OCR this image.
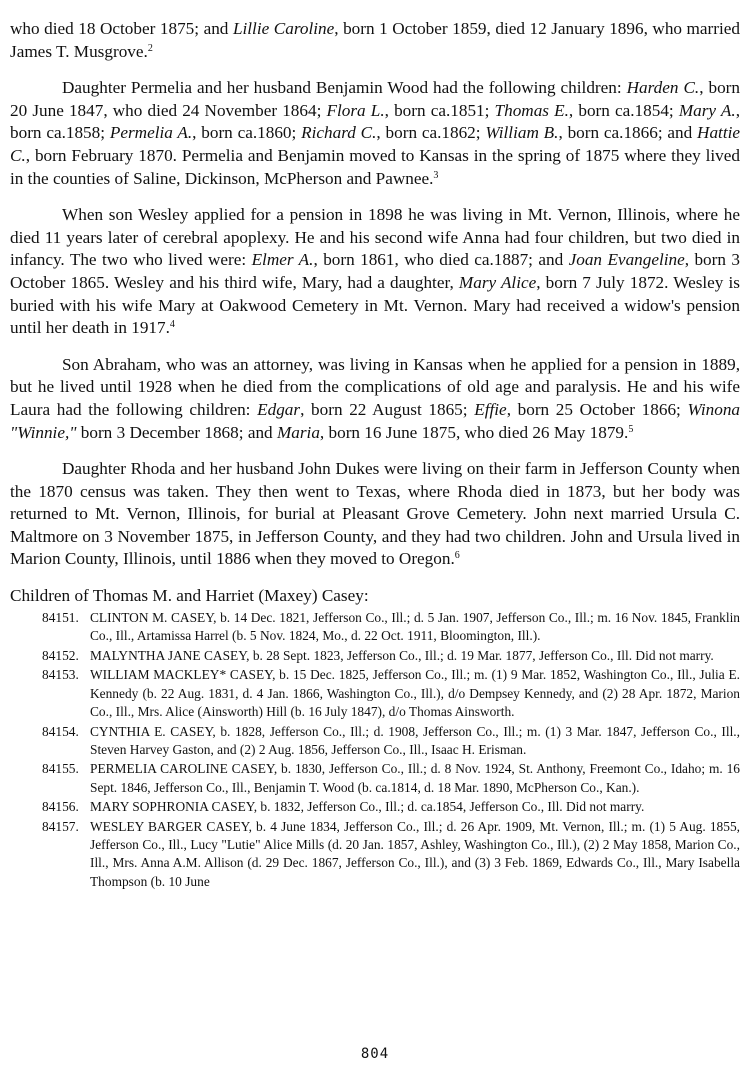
who died 18 October 1875; and Lillie Caroline, born 1 October 1859, died 12 January 1896, who married James T. Musgrove.$^2$

Daughter Permelia and her husband Benjamin Wood had the following children: Harden C., born 20 June 1847, who died 24 November 1864; Flora L., born ca.1851; Thomas E., born ca.1854; Mary A., born ca.1858; Permelia A., born ca.1860; Richard C., born ca.1862; William B., born ca.1866; and Hattie C., born February 1870. Permelia and Benjamin moved to Kansas in the spring of 1875 where they lived in the counties of Saline, Dickinson, McPherson and Pawnee.$^3$

When son Wesley applied for a pension in 1898 he was living in Mt. Vernon, Illinois, where he died 11 years later of cerebral apoplexy. He and his second wife Anna had four children, but two died in infancy. The two who lived were: Elmer A., born 1861, who died ca.1887; and Joan Evangeline, born 3 October 1865. Wesley and his third wife, Mary, had a daughter, Mary Alice, born 7 July 1872. Wesley is buried with his wife Mary at Oakwood Cemetery in Mt. Vernon. Mary had received a widow's pension until her death in 1917.$^4$

Son Abraham, who was an attorney, was living in Kansas when he applied for a pension in 1889, but he lived until 1928 when he died from the complications of old age and paralysis. He and his wife Laura had the following children: Edgar, born 22 August 1865; Effie, born 25 October 1866; Winona "Winnie," born 3 December 1868; and Maria, born 16 June 1875, who died 26 May 1879.$^5$

Daughter Rhoda and her husband John Dukes were living on their farm in Jefferson County when the 1870 census was taken. They then went to Texas, where Rhoda died in 1873, but her body was returned to Mt. Vernon, Illinois, for burial at Pleasant Grove Cemetery. John next married Ursula C. Maltmore on 3 November 1875, in Jefferson County, and they had two children. John and Ursula lived in Marion County, Illinois, until 1886 when they moved to Oregon.$^6$

Children of Thomas M. and Harriet (Maxey) Casey:
84151. CLINTON M. CASEY, b. 14 Dec. 1821, Jefferson Co., Ill.; d. 5 Jan. 1907, Jefferson Co., Ill.; m. 16 Nov. 1845, Franklin Co., Ill., Artamissa Harrel (b. 5 Nov. 1824, Mo., d. 22 Oct. 1911, Bloomington, Ill.).
84152. MALYNTHA JANE CASEY, b. 28 Sept. 1823, Jefferson Co., Ill.; d. 19 Mar. 1877, Jefferson Co., Ill. Did not marry.
84153. WILLIAM MACKLEY* CASEY, b. 15 Dec. 1825, Jefferson Co., Ill.; m. (1) 9 Mar. 1852, Washington Co., Ill., Julia E. Kennedy (b. 22 Aug. 1831, d. 4 Jan. 1866, Washington Co., Ill.), d/o Dempsey Kennedy, and (2) 28 Apr. 1872, Marion Co., Ill., Mrs. Alice (Ainsworth) Hill (b. 16 July 1847), d/o Thomas Ainsworth.
84154. CYNTHIA E. CASEY, b. 1828, Jefferson Co., Ill.; d. 1908, Jefferson Co., Ill.; m. (1) 3 Mar. 1847, Jefferson Co., Ill., Steven Harvey Gaston, and (2) 2 Aug. 1856, Jefferson Co., Ill., Isaac H. Erisman.
84155. PERMELIA CAROLINE CASEY, b. 1830, Jefferson Co., Ill.; d. 8 Nov. 1924, St. Anthony, Freemont Co., Idaho; m. 16 Sept. 1846, Jefferson Co., Ill., Benjamin T. Wood (b. ca.1814, d. 18 Mar. 1890, McPherson Co., Kan.).
84156. MARY SOPHRONIA CASEY, b. 1832, Jefferson Co., Ill.; d. ca.1854, Jefferson Co., Ill. Did not marry.
84157. WESLEY BARGER CASEY, b. 4 June 1834, Jefferson Co., Ill.; d. 26 Apr. 1909, Mt. Vernon, Ill.; m. (1) 5 Aug. 1855, Jefferson Co., Ill., Lucy "Lutie" Alice Mills (d. 20 Jan. 1857, Ashley, Washington Co., Ill.), (2) 2 May 1858, Marion Co., Ill., Mrs. Anna A.M. Allison (d. 29 Dec. 1867, Jefferson Co., Ill.), and (3) 3 Feb. 1869, Edwards Co., Ill., Mary Isabella Thompson (b. 10 June
804
